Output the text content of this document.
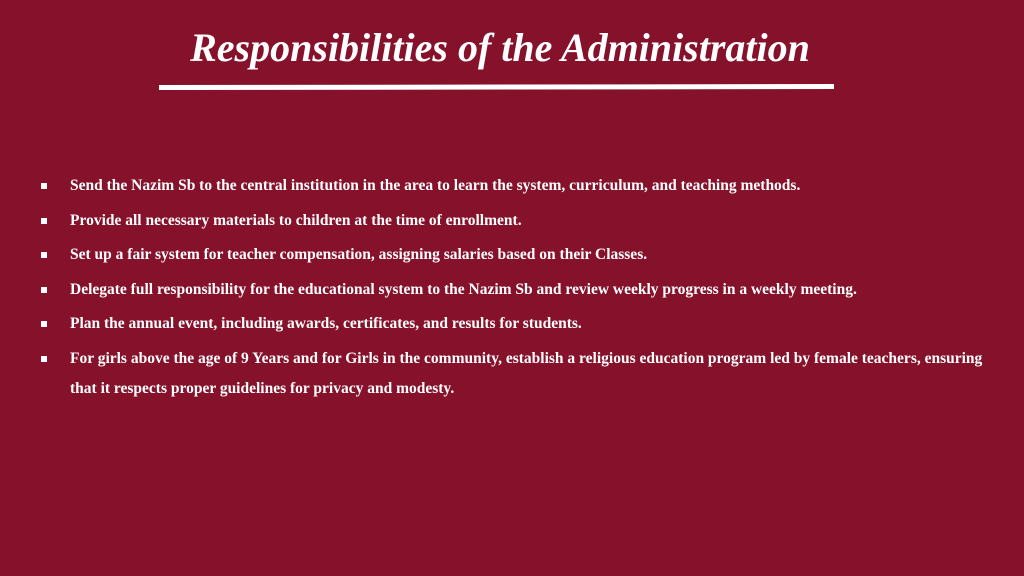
Responsibilities of the Administration
Send the Nazim Sb to the central institution in the area to learn the system, curriculum, and teaching methods.
Provide all necessary materials to children at the time of enrollment.
Set up a fair system for teacher compensation, assigning salaries based on their Classes.
Delegate full responsibility for the educational system to the Nazim Sb and review weekly progress in a weekly meeting.
Plan the annual event, including awards, certificates, and results for students.
For girls above the age of 9 Years and for Girls in the community, establish a religious education program led by female teachers, ensuring that it respects proper guidelines for privacy and modesty.
